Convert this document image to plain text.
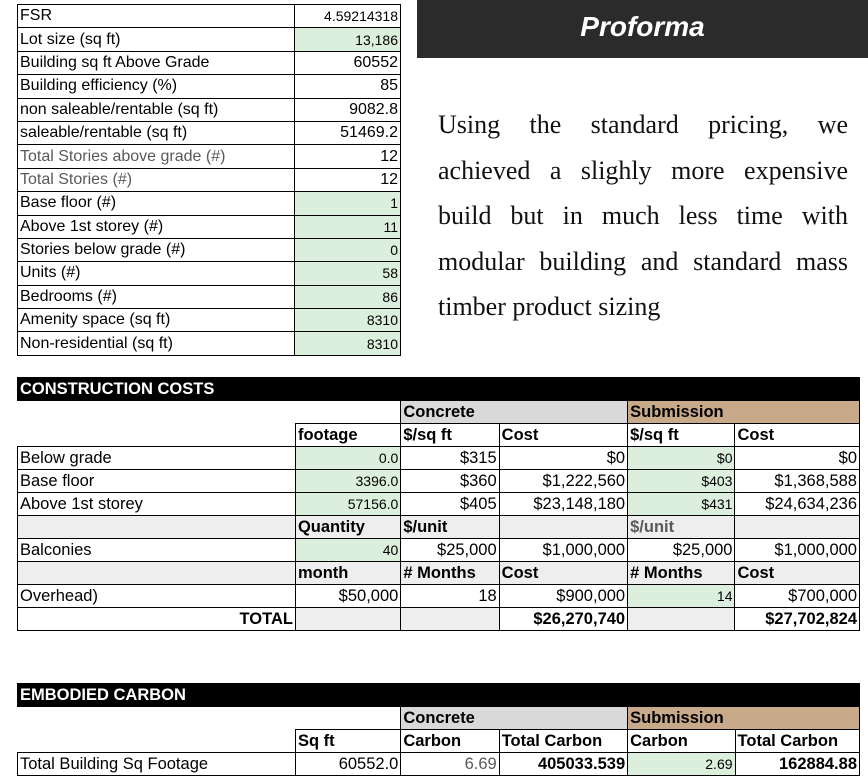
FSR	4.59214318
Lot size (sq ft)	13,186
Building sq ft Above Grade	60552
Building efficiency (%)	85
non saleable/rentable (sq ft)	9082.8
saleable/rentable (sq ft)	51469.2
Total Stories above grade (#)	12
Total Stories (#)	12
Base floor (#)	1
Above 1st storey (#)	11
Stories below grade (#)	0
Units (#)	58
Bedrooms (#)	86
Amenity space (sq ft)	8310
Non-residential (sq ft)	8310
Proforma
Using the standard pricing, we achieved a slighly more expensive build but in much less time with modular building and standard mass timber product sizing
CONSTRUCTION COSTS					
		Concrete		Submission	
	footage	$/sq ft	Cost	$/sq ft	Cost
Below grade	0.0	$315	$0	$0	$0
Base floor	3396.0	$360	$1,222,560	$403	$1,368,588
Above 1st storey	57156.0	$405	$23,148,180	$431	$24,634,236
	Quantity	$/unit		$/unit	
Balconies	40	$25,000	$1,000,000	$25,000	$1,000,000
	month	# Months	Cost	# Months	Cost
Overhead)	$50,000	18	$900,000	14	$700,000
TOTAL			$26,270,740		$27,702,824
EMBODIED CARBON					
		Concrete		Submission	
	Sq ft	Carbon	Total Carbon	Carbon	Total Carbon
Total Building Sq Footage	60552.0	6.69	405033.539	2.69	162884.88
